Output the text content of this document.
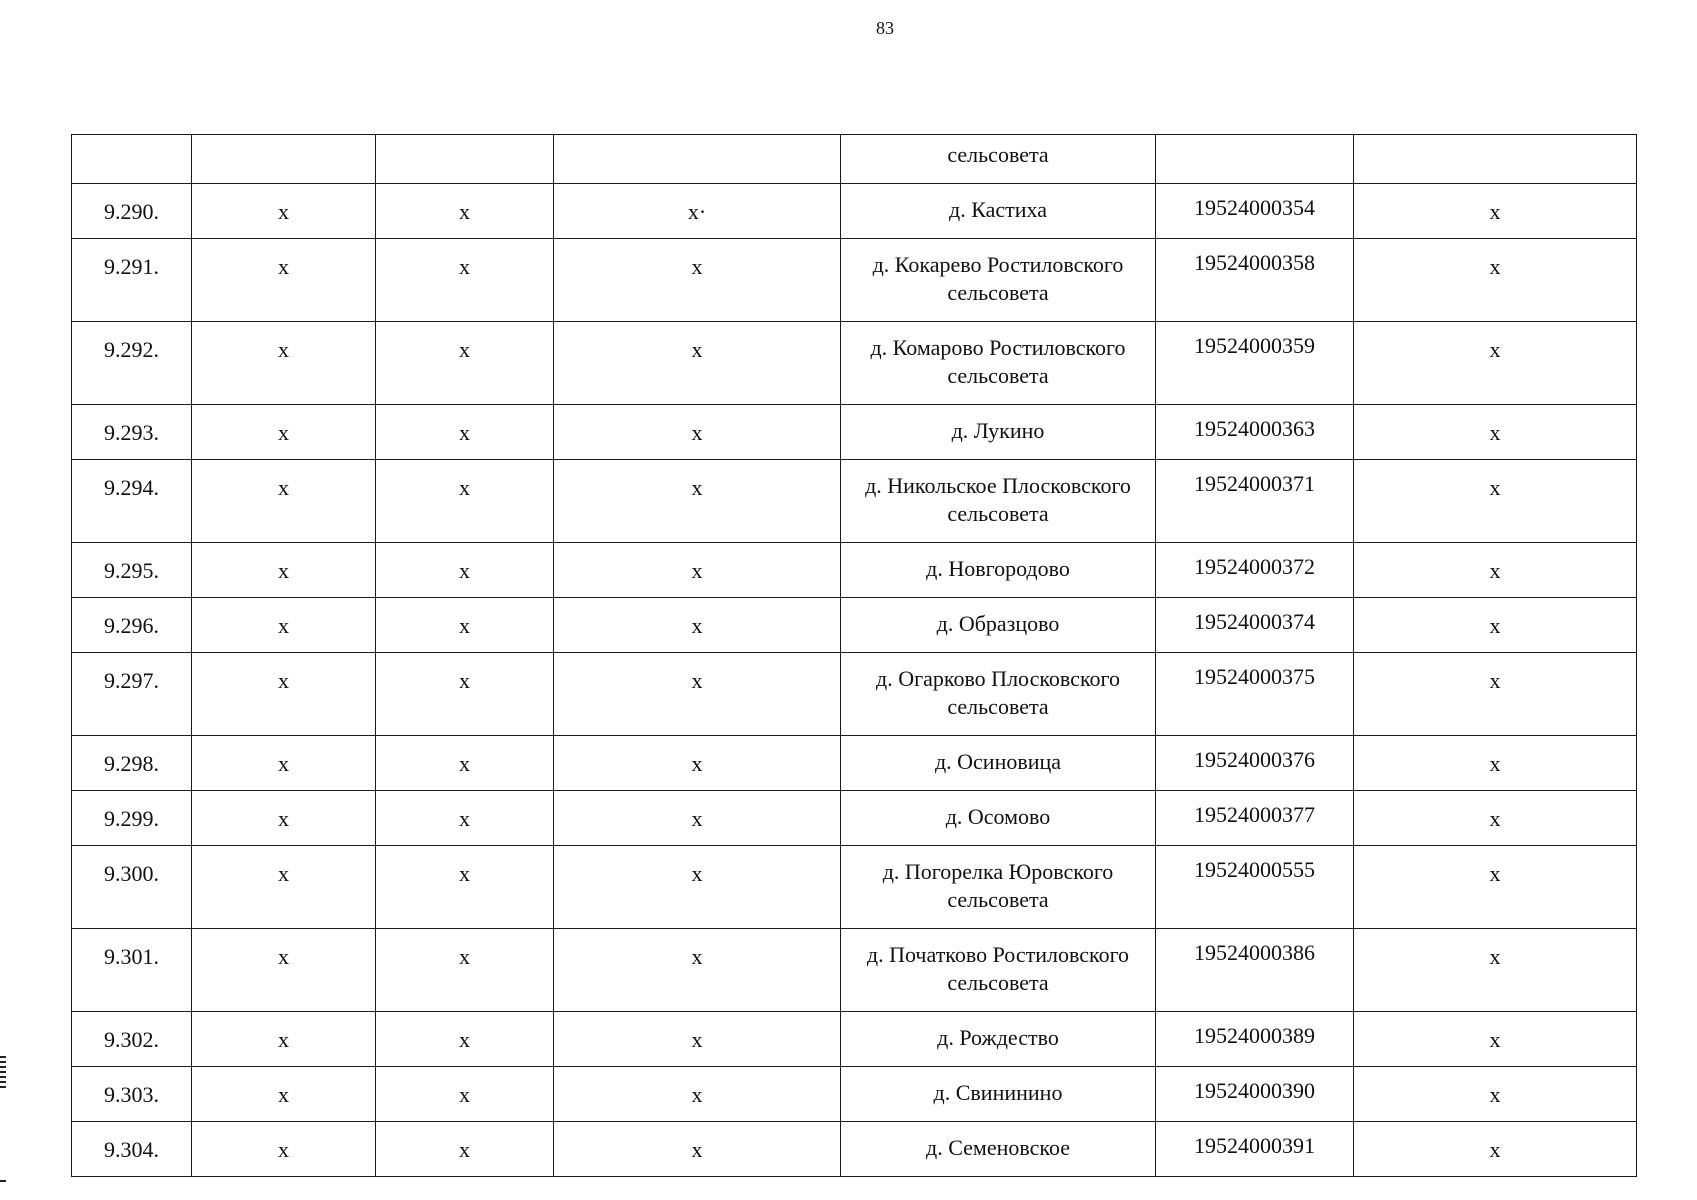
83
				сельсовета		
9.290.	x	x	x·	д. Кастиха	19524000354	x
9.291.	x	x	x	д. Кокарево Ростиловского сельсовета	19524000358	x
9.292.	x	x	x	д. Комарово Ростиловского сельсовета	19524000359	x
9.293.	x	x	x	д. Лукино	19524000363	x
9.294.	x	x	x	д. Никольское Плосковского сельсовета	19524000371	x
9.295.	x	x	x	д. Новгородово	19524000372	x
9.296.	x	x	x	д. Образцово	19524000374	x
9.297.	x	x	x	д. Огарково Плосковского сельсовета	19524000375	x
9.298.	x	x	x	д. Осиновица	19524000376	x
9.299.	x	x	x	д. Осомово	19524000377	x
9.300.	x	x	x	д. Погорелка Юровского сельсовета	19524000555	x
9.301.	x	x	x	д. Початково Ростиловского сельсовета	19524000386	x
9.302.	x	x	x	д. Рождество	19524000389	x
9.303.	x	x	x	д. Свининино	19524000390	x
9.304.	x	x	x	д. Семеновское	19524000391	x
